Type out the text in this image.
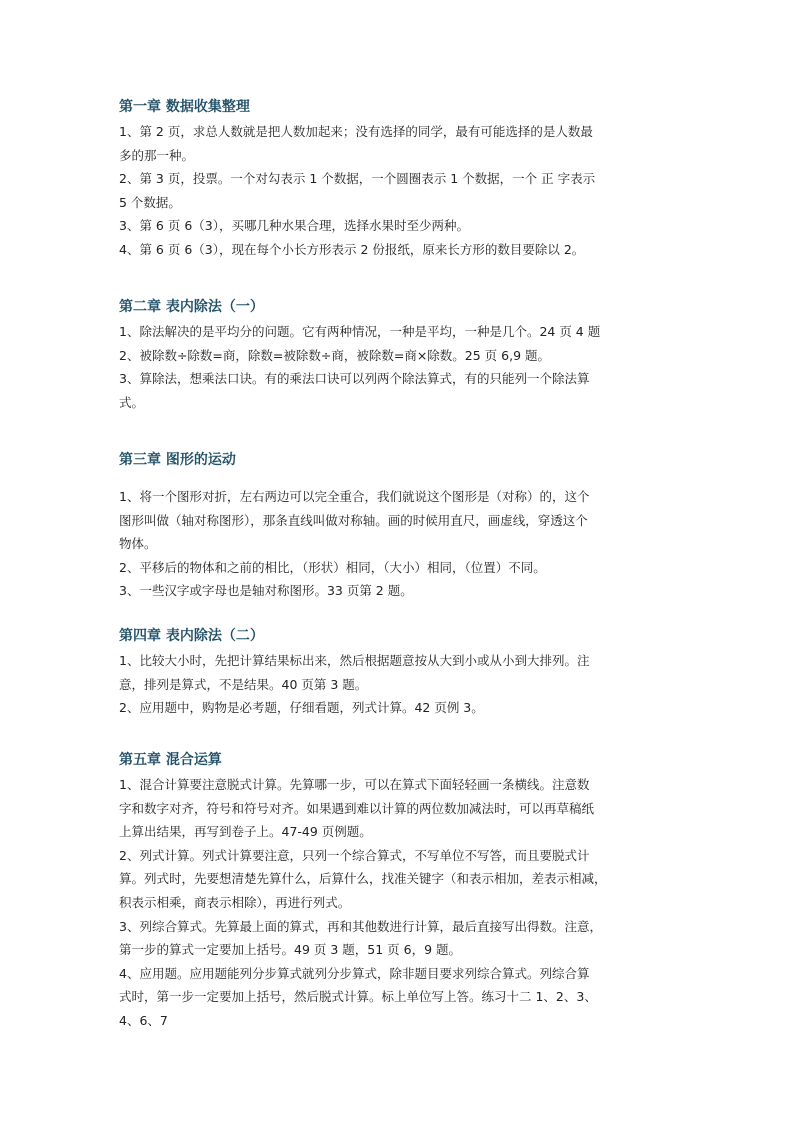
第一章 数据收集整理
1、第 2 页，求总人数就是把人数加起来；没有选择的同学，最有可能选择的是人数最
多的那一种。
2、第 3 页，投票。一个对勾表示 1 个数据，一个圆圈表示 1 个数据，一个 正 字表示
5 个数据。
3、第 6 页 6（3），买哪几种水果合理，选择水果时至少两种。
4、第 6 页 6（3），现在每个小长方形表示 2 份报纸，原来长方形的数目要除以 2。
第二章 表内除法（一）
1、除法解决的是平均分的问题。它有两种情况，一种是平均，一种是几个。24 页 4 题
2、被除数÷除数=商，除数=被除数÷商，被除数=商×除数。25 页 6,9 题。
3、算除法，想乘法口诀。有的乘法口诀可以列两个除法算式，有的只能列一个除法算
式。
第三章 图形的运动
1、将一个图形对折，左右两边可以完全重合，我们就说这个图形是（对称）的，这个
图形叫做（轴对称图形），那条直线叫做对称轴。画的时候用直尺，画虚线，穿透这个
物体。
2、平移后的物体和之前的相比，（形状）相同，（大小）相同，（位置）不同。
3、一些汉字或字母也是轴对称图形。33 页第 2 题。
第四章 表内除法（二）
1、比较大小时，先把计算结果标出来，然后根据题意按从大到小或从小到大排列。注
意，排列是算式，不是结果。40 页第 3 题。
2、应用题中，购物是必考题，仔细看题，列式计算。42 页例 3。
第五章 混合运算
1、混合计算要注意脱式计算。先算哪一步，可以在算式下面轻轻画一条横线。注意数
字和数字对齐，符号和符号对齐。如果遇到难以计算的两位数加减法时，可以再草稿纸
上算出结果，再写到卷子上。47-49 页例题。
2、列式计算。列式计算要注意，只列一个综合算式，不写单位不写答，而且要脱式计
算。列式时，先要想清楚先算什么，后算什么，找准关键字（和表示相加，差表示相减，
积表示相乘，商表示相除），再进行列式。
3、列综合算式。先算最上面的算式，再和其他数进行计算，最后直接写出得数。注意，
第一步的算式一定要加上括号。49 页 3 题，51 页 6，9 题。
4、应用题。应用题能列分步算式就列分步算式，除非题目要求列综合算式。列综合算
式时，第一步一定要加上括号，然后脱式计算。标上单位写上答。练习十二 1、2、3、
4、6、7
